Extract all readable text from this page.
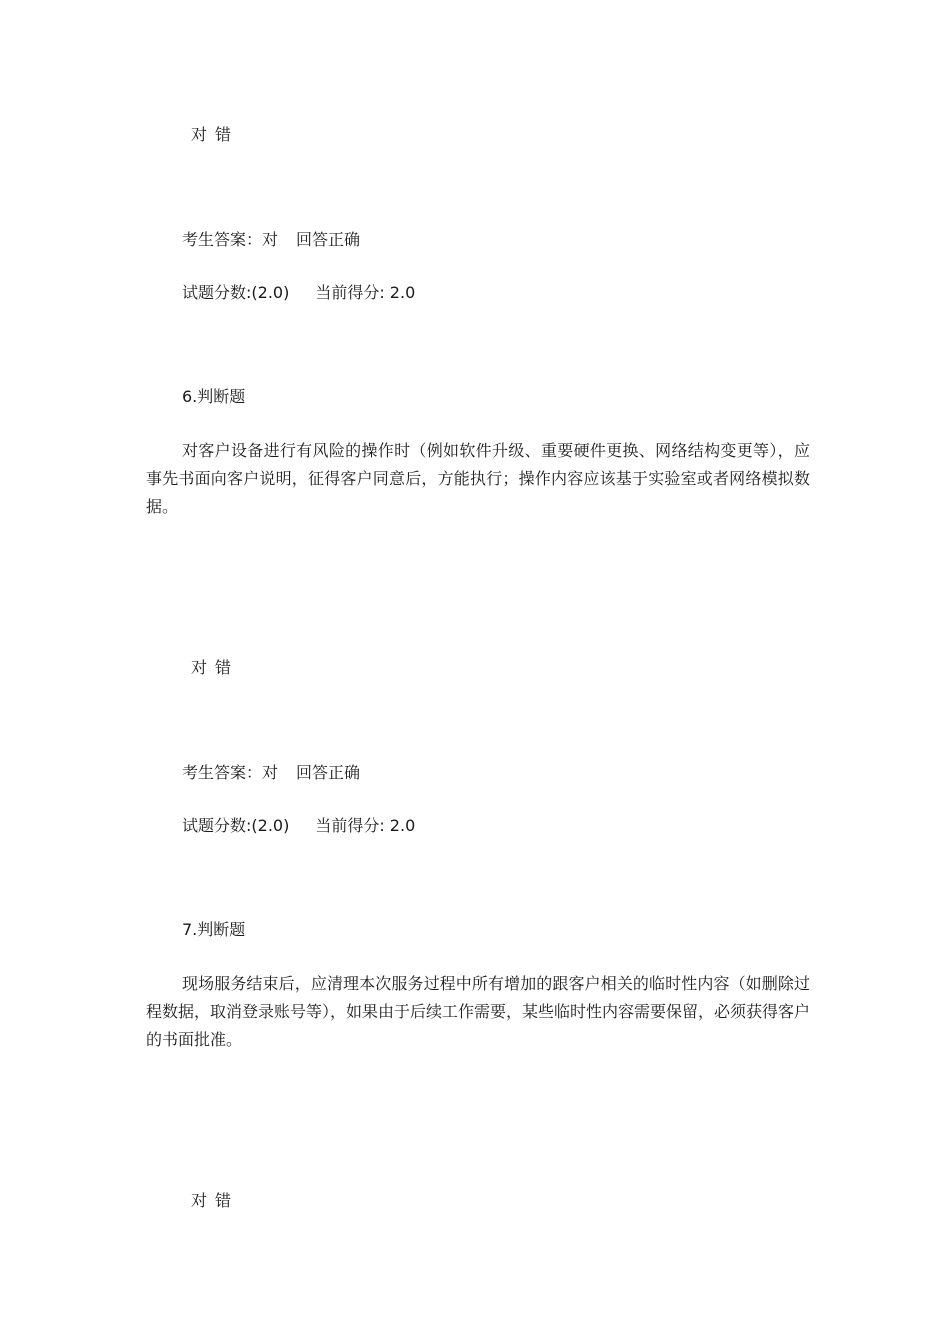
对 错
考生答案：对 回答正确
试题分数:(2.0) 当前得分: 2.0
6.判断题
对客户设备进行有风险的操作时（例如软件升级、重要硬件更换、网络结构变更等），应事先书面向客户说明，征得客户同意后，方能执行；操作内容应该基于实验室或者网络模拟数据。
对 错
考生答案：对 回答正确
试题分数:(2.0) 当前得分: 2.0
7.判断题
现场服务结束后，应清理本次服务过程中所有增加的跟客户相关的临时性内容（如删除过程数据，取消登录账号等），如果由于后续工作需要，某些临时性内容需要保留，必须获得客户的书面批准。
对 错
